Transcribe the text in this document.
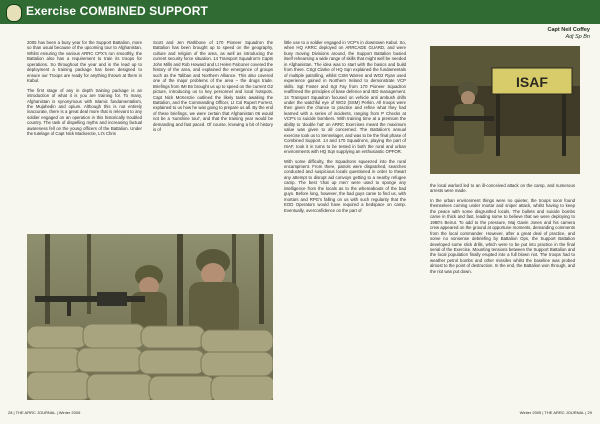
Exercise COMBINED SUPPORT
Capt Neil Coffey
Adj Sp Bn

2005 has been a busy year for the Support Battalion, more so than usual because of the upcoming tour to Afghanistan. Whilst ensuring the various ARRC CPX's run smoothly, the Battalion also has a requirement to train its troops for operations. So throughout the year and in the lead up to deployment a training package has been designed to ensure our Troops are ready for anything thrown at them in Kabul.

The first stage of any in depth training package is an introduction of what it is you are training for. To many, Afghanistan is synonymous with Islamic fundamentalism, the Mujahedin and opium. Although this is not entirely inaccurate, there is a great deal more that is relevant to any soldier engaged on an operation in this historically troubled country. The task of dispelling myths and increasing factual awareness fell on the young officers of the Battalion. Under the tutelage of Capt Nick Mackenzie, Lt's Chris

Scott and Jen Rathbone of 170 Pioneer Squadron the Battalion has been brought up to speed on the geography, culture and religion of the area, as well as introducing the current security force situation. 14 Transport Squadron's Capts John Mills and Rob Howard and Lt Helen Falconer covered the history of the area, and explained the emergence of groups such as the Taliban and Northern Alliance. This also covered one of the major problems of the area – the drugs trade. Briefings from IMI Bn brought us up to speed on the current G2 picture, introducing us to key personnel and local hotspots. Capt Nick McKenzie outlined the likely tasks awaiting the Battalion, and the Commanding Officer, Lt Col Rupert Forrest, explained to us how he was going to prepare us all. By the end of these briefings, we were certain that Afghanistan 06 would not be a 'sunshine tour', and that the training year would be demanding and fast paced. Of course, knowing a bit of history is of

little use to a soldier engaged in VCP's in downtown Kabul. So, when HQ ARRC deployed on ARRCADE GUARD, and were busy moving Divisions around, the Support Battalion busied itself rehearsing a wide range of skills that might well be needed in Afghanistan. The idea was to start with the basics and build from there. CSgt Clarke of HQ Sqn explained the fundamentals of multiple patrolling, whilst CSM Warren and WO2 Ryan used experience gained in Northern Ireland to demonstrate VCP skills. Sgt Foster and Sgt Fay from 170 Pioneer Squadron reaffirmed the principles of base defence and IED management. 14 Transport Squadron focused on vehicle anti ambush drills under the watchful eye of WO2 (SSM) Perkin. All troops were then given the chance to practice and refine what they had learned with a series of incidents, ranging from P Checks at VCP's to suicide bombers. With training time at a premium the ability to 'double hat' on ARRC Exercises meant the maximum value was given to all concerned. The Battalion's annual exercise took us to Sennelager, and was to be the final phase of Combined Support. 14 and 170 Squadrons, playing the part of ISAF, took it in turns to be tested in both the rural and urban environments with HQ Sqn supplying an enthusiastic OPFOR.

With some difficulty, the Squadrons squeezed into the rural encampment. From there, patrols were dispatched, searches conducted and suspicious locals questioned in order to thwart any attempt to disrupt aid convoys getting to a nearby refugee camp. The best 'chat up men' were used to sponge any intelligence from the locals as to the whereabouts of the bad guys. Before long, however, the bad guys came to find us, with mortars and RPG's falling on us with such regularity that the EOD Operators would have required a bedspace on camp. Eventually, overconfidence on the part of

the local warlord led to an ill-conceived attack on the camp, and numerous arrests were made.

In the urban environment things were no quieter, the troops soon found themselves coming under mortar and sniper attack, whilst having to keep the peace with some disgruntled locals. The bullets and suicide bombs came in thick and fast, leading some to believe that we were deploying to 1980's Beirut. To add to the pressure, Maj Gavin Jones and his camera crew appeared on the ground at opportune moments, demanding comments from the local commander. However, after a great deal of practice, and some no nonsense debriefing by Battalion Ops, the Support Battalion developed some slick drills, which were to be put into practice in the final serial of the Exercise. Mounting tensions between the Support Battalion and the local population finally erupted into a full blown riot. The troops had to weather petrol bombs and other missiles whilst the baseline was probed almost to the point of destruction. In the end, the Battalion won through, and the riot was put down.

ISAF
28 | THE ARRC JOURNAL | Winter 2005	Winter 2005 | THE ARRC JOURNAL | 29
